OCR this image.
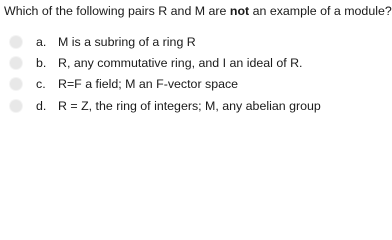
Which of the following pairs R and M are not an example of a module?
a. M is a subring of a ring R
b. R, any commutative ring, and I an ideal of R.
c. R=F a field; M an F-vector space
d. R = Z, the ring of integers; M, any abelian group
